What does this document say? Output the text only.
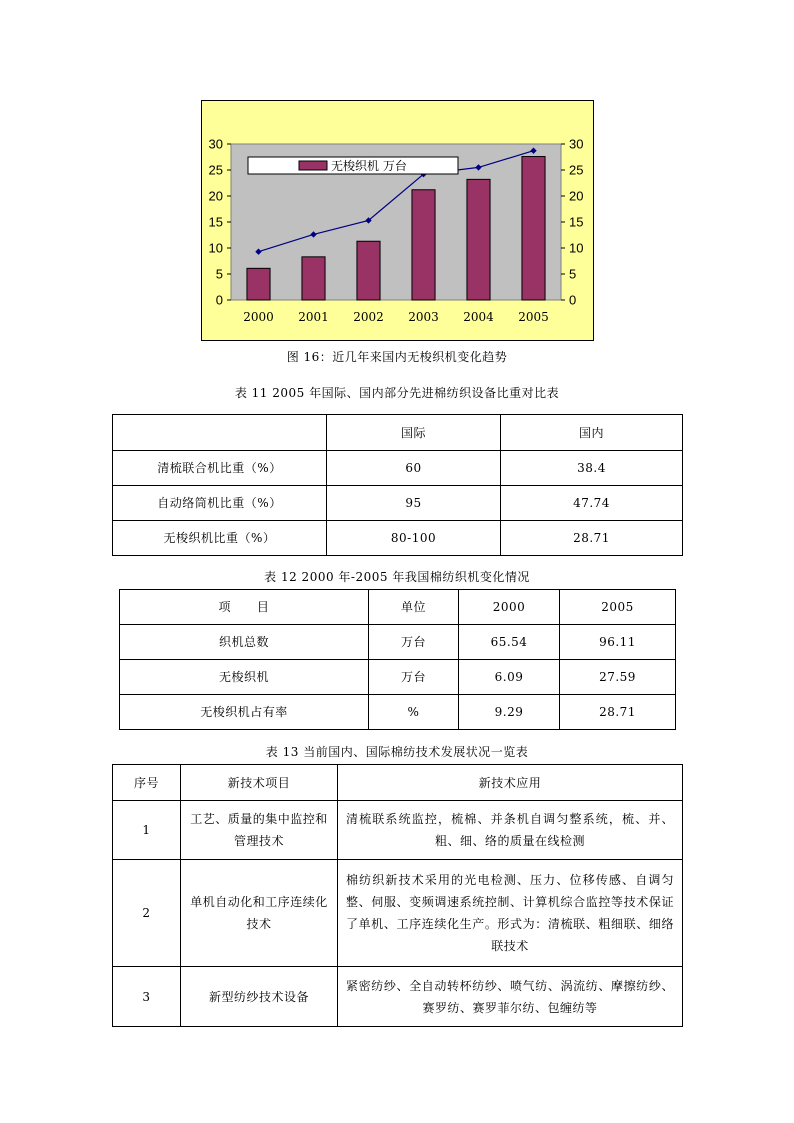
0	0
5	5
10	10
15	15
20	20
25	25
30	30
2000 2001 2002 2003 2004 2005
无梭织机 万台
图 16：近几年来国内无梭织机变化趋势
表 11 2005 年国际、国内部分先进棉纺织设备比重对比表
	国际	国内
清梳联合机比重（%）	60	38.4
自动络筒机比重（%）	95	47.74
无梭织机比重（%）	80-100	28.71
表 12 2000 年-2005 年我国棉纺织机变化情况
项      目	单位	2000	2005
织机总数	万台	65.54	96.11
无梭织机	万台	6.09	27.59
无梭织机占有率	%	9.29	28.71
表 13 当前国内、国际棉纺技术发展状况一览表
序号	新技术项目	新技术应用
1	工艺、质量的集中监控和管理技术	清梳联系统监控，梳棉、并条机自调匀整系统，梳、并、粗、细、络的质量在线检测
2	单机自动化和工序连续化技术	棉纺织新技术采用的光电检测、压力、位移传感、自调匀整、伺服、变频调速系统控制、计算机综合监控等技术保证了单机、工序连续化生产。形式为：清梳联、粗细联、细络联技术
3	新型纺纱技术设备	紧密纺纱、全自动转杯纺纱、喷气纺、涡流纺、摩擦纺纱、赛罗纺、赛罗菲尔纺、包缠纺等
